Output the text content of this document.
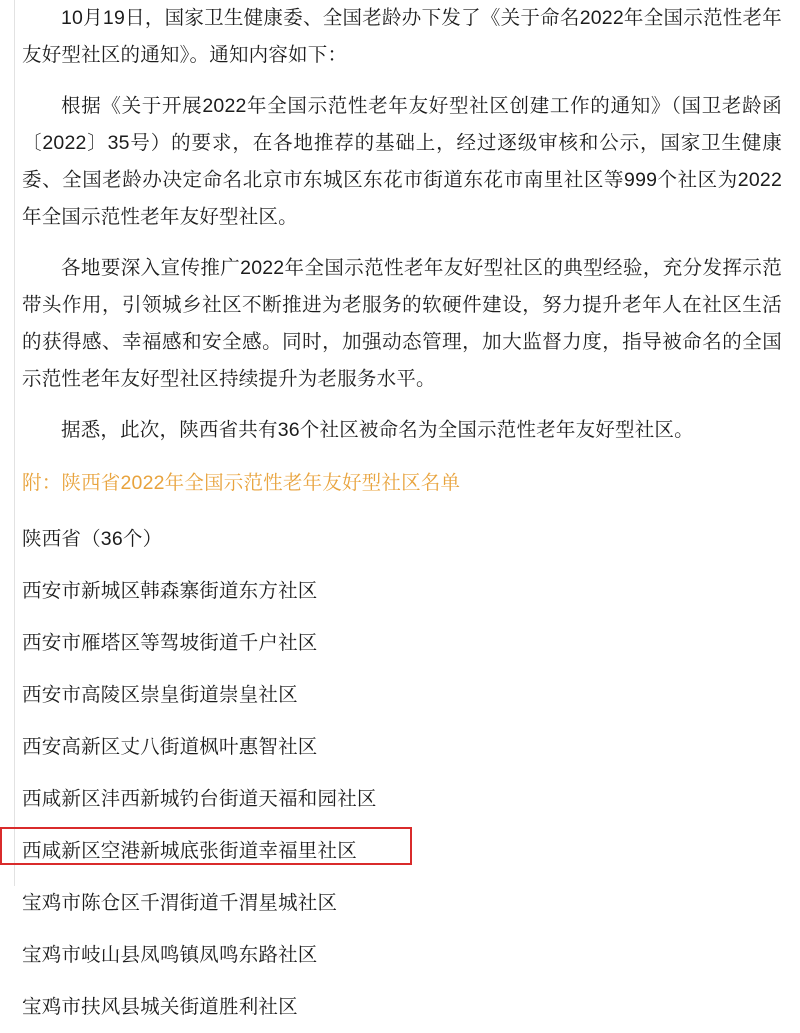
10月19日，国家卫生健康委、全国老龄办下发了《关于命名2022年全国示范性老年友好型社区的通知》。通知内容如下：

根据《关于开展2022年全国示范性老年友好型社区创建工作的通知》（国卫老龄函〔2022〕35号）的要求，在各地推荐的基础上，经过逐级审核和公示，国家卫生健康委、全国老龄办决定命名北京市东城区东花市街道东花市南里社区等999个社区为2022年全国示范性老年友好型社区。

各地要深入宣传推广2022年全国示范性老年友好型社区的典型经验，充分发挥示范带头作用，引领城乡社区不断推进为老服务的软硬件建设，努力提升老年人在社区生活的获得感、幸福感和安全感。同时，加强动态管理，加大监督力度，指导被命名的全国示范性老年友好型社区持续提升为老服务水平。

据悉，此次，陕西省共有36个社区被命名为全国示范性老年友好型社区。

附：陕西省2022年全国示范性老年友好型社区名单
陕西省（36个）
西安市新城区韩森寨街道东方社区
西安市雁塔区等驾坡街道千户社区
西安市高陵区崇皇街道崇皇社区
西安高新区丈八街道枫叶惠智社区
西咸新区沣西新城钓台街道天福和园社区
西咸新区空港新城底张街道幸福里社区
宝鸡市陈仓区千渭街道千渭星城社区
宝鸡市岐山县凤鸣镇凤鸣东路社区
宝鸡市扶风县城关街道胜利社区
